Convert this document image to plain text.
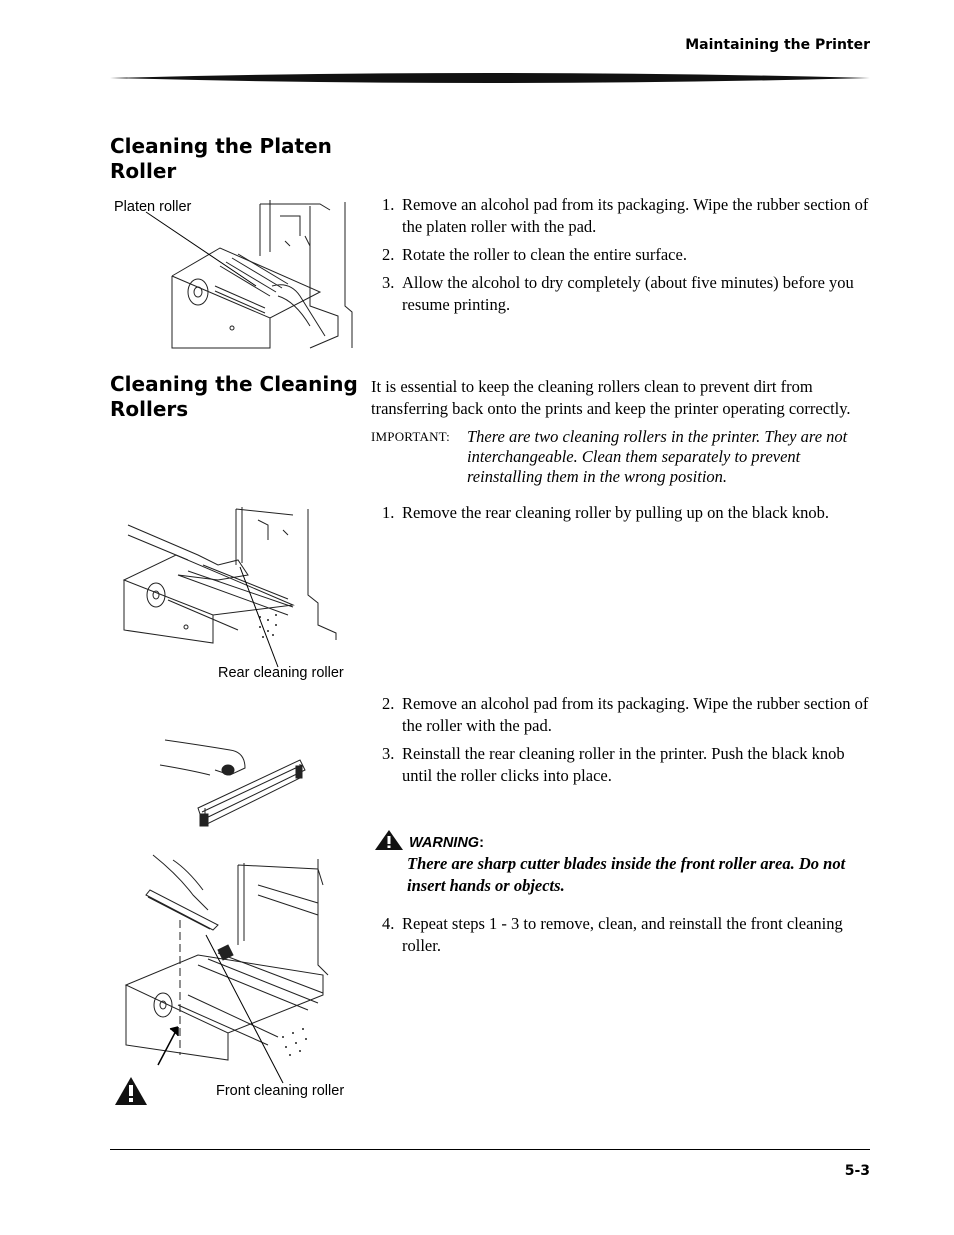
Maintaining the Printer
Cleaning the Platen
Roller
Platen roller	1. Remove an alcohol pad from its packaging. Wipe the rubber section of the platen roller with the pad.
2. Rotate the roller to clean the entire surface.
3. Allow the alcohol to dry completely (about five minutes) before you resume printing.
Cleaning the Cleaning
Rollers
It is essential to keep the cleaning rollers clean to prevent dirt from transferring back onto the prints and keep the printer operating correctly.
IMPORTANT: There are two cleaning rollers in the printer. They are not interchangeable. Clean them separately to prevent reinstalling them in the wrong position.
Rear cleaning roller
1. Remove the rear cleaning roller by pulling up on the black knob.
2. Remove an alcohol pad from its packaging. Wipe the rubber section of the roller with the pad.
3. Reinstall the rear cleaning roller in the printer. Push the black knob until the roller clicks into place.
WARNING:
There are sharp cutter blades inside the front roller area. Do not insert hands or objects.
4. Repeat steps 1 - 3 to remove, clean, and reinstall the front cleaning roller.
Front cleaning roller
5-3
